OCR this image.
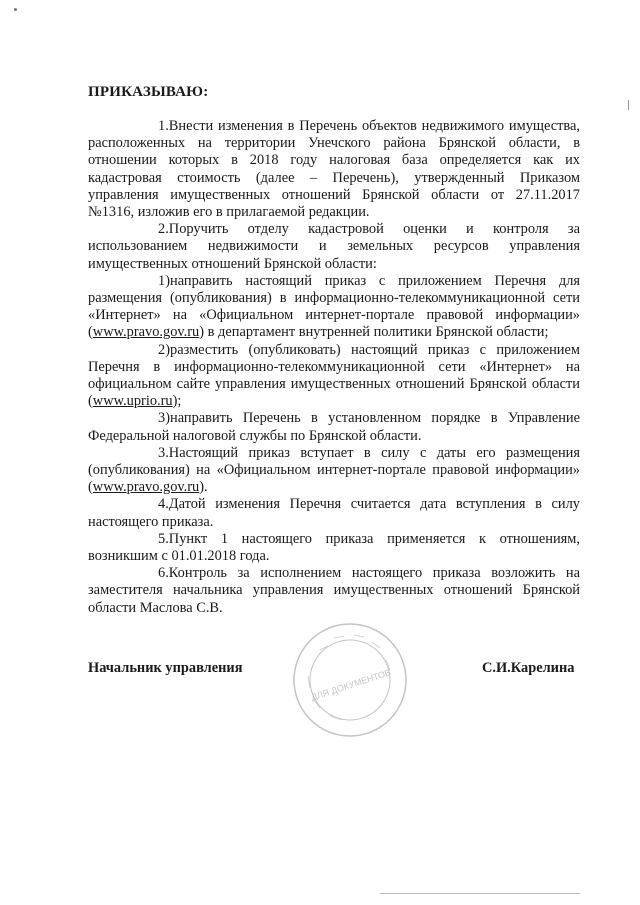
ПРИКАЗЫВАЮ:

1.Внести изменения в Перечень объектов недвижимого имущества, расположенных на территории Унечского района Брянской области, в отношении которых в 2018 году налоговая база определяется как их кадастровая стоимость (далее – Перечень), утвержденный Приказом управления имущественных отношений Брянской области от 27.11.2017 №1316, изложив его в прилагаемой редакции.

2.Поручить отделу кадастровой оценки и контроля за использованием недвижимости и земельных ресурсов управления имущественных отношений Брянской области:

1)направить настоящий приказ с приложением Перечня для размещения (опубликования) в информационно-телекоммуникационной сети «Интернет» на «Официальном интернет-портале правовой информации» (www.pravo.gov.ru) в департамент внутренней политики Брянской области;

2)разместить (опубликовать) настоящий приказ с приложением Перечня в информационно-телекоммуникационной сети «Интернет» на официальном сайте управления имущественных отношений Брянской области (www.uprio.ru);

3)направить Перечень в установленном порядке в Управление Федеральной налоговой службы по Брянской области.

3.Настоящий приказ вступает в силу с даты его размещения (опубликования) на «Официальном интернет-портале правовой информации» (www.pravo.gov.ru).

4.Датой изменения Перечня считается дата вступления в силу настоящего приказа.

5.Пункт 1 настоящего приказа применяется к отношениям, возникшим с 01.01.2018 года.

6.Контроль за исполнением настоящего приказа возложить на заместителя начальника управления имущественных отношений Брянской области Маслова С.В.

Начальник управления	ДЛЯ ДОКУМЕНТОВ	С.И.Карелина
